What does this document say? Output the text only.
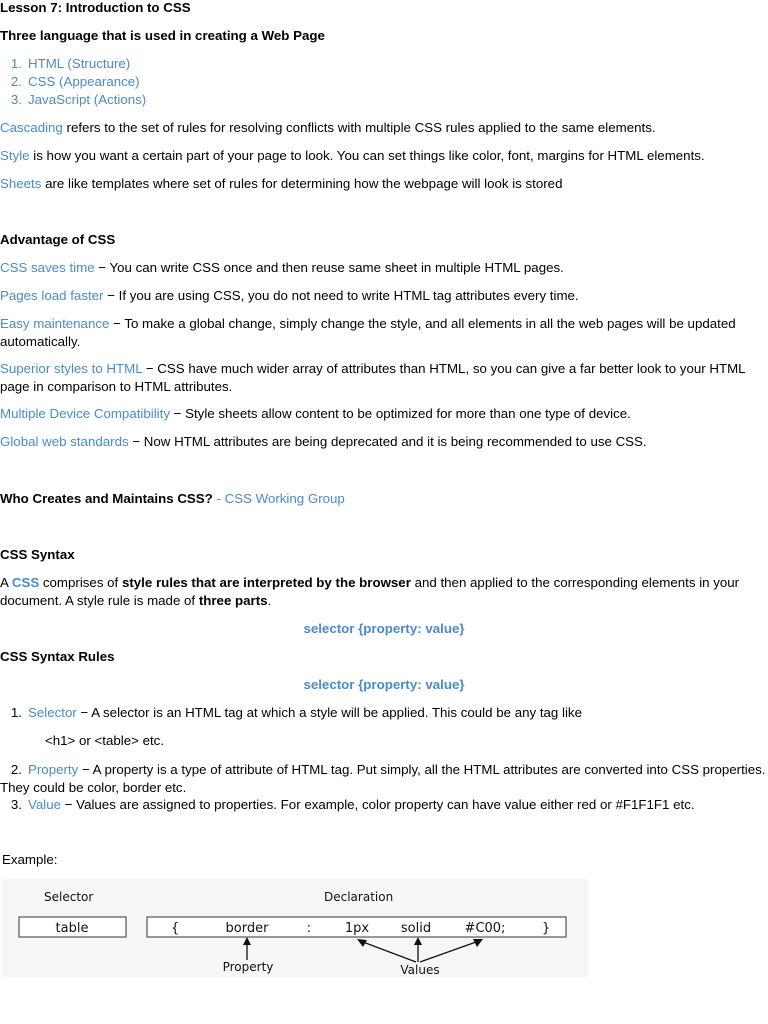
Lesson 7: Introduction to CSS
Three language that is used in creating a Web Page
1. HTML (Structure)
2. CSS (Appearance)
3. JavaScript (Actions)
Cascading refers to the set of rules for resolving conflicts with multiple CSS rules applied to the same elements.
Style is how you want a certain part of your page to look. You can set things like color, font, margins for HTML elements.
Sheets are like templates where set of rules for determining how the webpage will look is stored
Advantage of CSS
CSS saves time − You can write CSS once and then reuse same sheet in multiple HTML pages.
Pages load faster − If you are using CSS, you do not need to write HTML tag attributes every time.
Easy maintenance − To make a global change, simply change the style, and all elements in all the web pages will be updated automatically.
Superior styles to HTML − CSS have much wider array of attributes than HTML, so you can give a far better look to your HTML page in comparison to HTML attributes.
Multiple Device Compatibility − Style sheets allow content to be optimized for more than one type of device.
Global web standards − Now HTML attributes are being deprecated and it is being recommended to use CSS.
Who Creates and Maintains CSS? - CSS Working Group
CSS Syntax
A CSS comprises of style rules that are interpreted by the browser and then applied to the corresponding elements in your document. A style rule is made of three parts.
selector {property: value}
CSS Syntax Rules
selector {property: value}
1. Selector − A selector is an HTML tag at which a style will be applied. This could be any tag like
<h1> or <table> etc.
2. Property − A property is a type of attribute of HTML tag. Put simply, all the HTML attributes are converted into CSS properties. They could be color, border etc.
3. Value − Values are assigned to properties. For example, color property can have value either red or #F1F1F1 etc.
Example:
Selector	Declaration
table	{	border	:	1px solid	#C00;	}
Property	Values
